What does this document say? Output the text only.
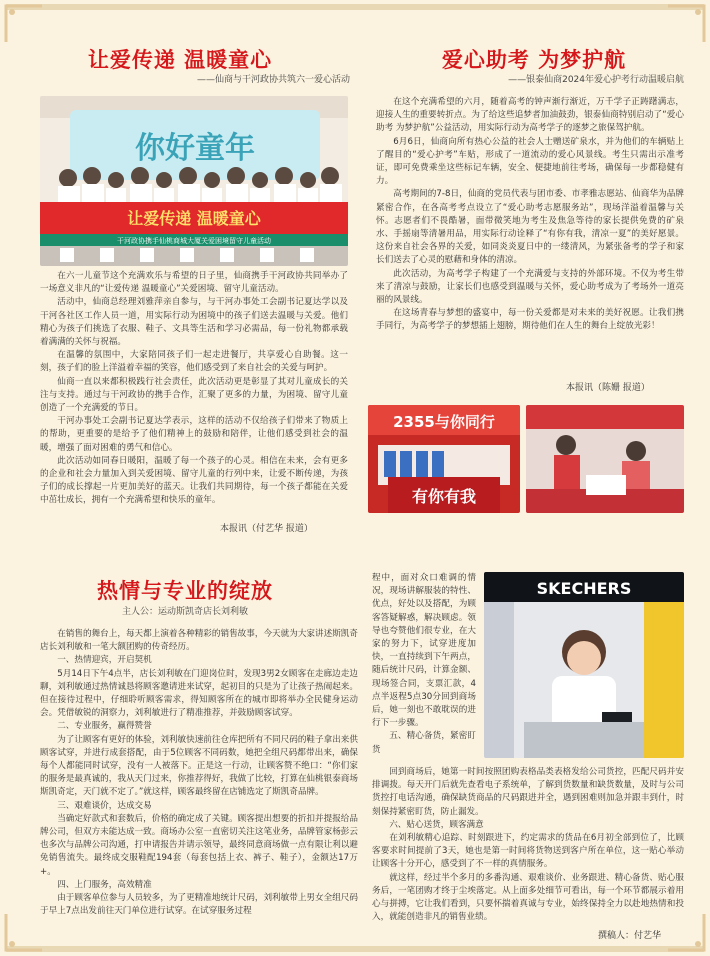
让爱传递 温暖童心
——仙商与干河政协共筑六一爱心活动
你好童年
让爱传递 温暖童心
干河政协携手仙桃商城大厦关爱困境留守儿童活动

在六一儿童节这个充满欢乐与希望的日子里，仙商携手干河政协共同举办了一场意义非凡的“让爱传递 温暖童心”关爱困境、留守儿童活动。

活动中，仙商总经理刘雅萍亲自参与，与干河办事处工会副书记夏达学以及干河各社区工作人员一道，用实际行动为困境中的孩子们送去温暖与关爱。他们精心为孩子们挑选了衣服、鞋子、文具等生活和学习必需品，每一份礼物都承载着满满的关怀与祝福。

在温馨的氛围中，大家陪同孩子们一起走进餐厅，共享爱心自助餐。这一刻，孩子们的脸上洋溢着幸福的笑容，他们感受到了来自社会的关爱与呵护。

仙商一直以来都积极践行社会责任，此次活动更是彰显了其对儿童成长的关注与支持。通过与干河政协的携手合作，汇聚了更多的力量，为困境、留守儿童创造了一个充满爱的节日。

干河办事处工会副书记夏达学表示，这样的活动不仅给孩子们带来了物质上的帮助，更重要的是给予了他们精神上的鼓励和陪伴，让他们感受到社会的温暖，增强了面对困难的勇气和信心。

此次活动如同春日暖阳，温暖了每一个孩子的心灵。相信在未来，会有更多的企业和社会力量加入到关爱困境、留守儿童的行列中来，让爱不断传递，为孩子们的成长撑起一片更加美好的蓝天。让我们共同期待，每一个孩子都能在关爱中茁壮成长，拥有一个充满希望和快乐的童年。

本报讯（付艺华 报道）
爱心助考 为梦护航
——银泰仙商2024年爱心护考行动温暖启航

在这个充满希望的六月，随着高考的钟声渐行渐近，万千学子正踌躇满志，迎接人生的重要转折点。为了给这些追梦者加油鼓劲，银泰仙商特别启动了“爱心助考 为梦护航”公益活动，用实际行动为高考学子的逐梦之旅保驾护航。

6月6日，仙商向所有热心公益的社会人士赠送矿泉水，并为他们的车辆贴上了醒目的“爱心护考”车贴，形成了一道流动的爱心风景线。考生只需出示准考证，即可免费乘坐这些标记车辆，安全、便捷地前往考场，确保每一步都稳健有力。

高考期间的7-8日，仙商的党员代表与团市委、市孝雅志愿站、仙商华为品牌紧密合作，在各高考考点设立了“爱心助考志愿服务站”，现场洋溢着温馨与关怀。志愿者们不畏酷暑，面带微笑地为考生及焦急等待的家长提供免费的矿泉水、手摇扇等清暑用品，用实际行动诠释了“有你有我，清凉一夏”的美好愿景。这份来自社会各界的关爱，如同炎炎夏日中的一缕清风，为紧张备考的学子和家长们送去了心灵的慰藉和身体的清凉。

此次活动，为高考学子构建了一个充满爱与支持的外部环境。不仅为考生带来了清凉与鼓励，让家长们也感受到温暖与关怀，爱心助考成为了考场外一道亮丽的风景线。

在这场青春与梦想的盛宴中，每一份关爱都是对未来的美好祝愿。让我们携手同行，为高考学子的梦想插上翅膀，期待他们在人生的舞台上绽放光彩！

本报讯（陈姗 报道）
2355与你同行
有你有我
热情与专业的绽放
主人公：运动斯凯奇店长刘利敏

在销售的舞台上，每天都上演着各种精彩的销售故事，今天就为大家讲述斯凯奇店长刘利敏和一笔大额团购的传奇经历。

一、热情迎宾，开启契机

5月14日下午4点半，店长刘利敏在门迎岗位时，发现3男2女顾客在走廊边走边聊，刘利敏通过热情诚恳将顾客邀请进来试穿，起初目的只是为了让孩子热闹起来。但在接待过程中，仔细聆听顾客需求，得知顾客所在的城市即将举办全民健身运动会。凭借敏锐的洞察力，刘利敏进行了精准推荐，并鼓励顾客试穿。

二、专业服务，赢得赞誉

为了让顾客有更好的体验，刘利敏快速前往仓库把所有不同尺码的鞋子拿出来供顾客试穿，并进行成套搭配，由于5位顾客不同码数，她把全组尺码都带出来，确保每个人都能同时试穿，没有一人被落下。正是这一行动，让顾客赞不绝口：“你们家的服务是最真诚的，我从天门过来，你推荐得好，我做了比较，打算在仙桃银泰商场斯凯奇定，天门就不定了。”就这样，顾客最终留在店铺选定了斯凯奇品牌。

三、艰难谈价，达成交易

当确定好款式和套数后，价格的确定成了关键。顾客提出想要的折扣并提报给品牌公司，但双方未能达成一致。商场办公室一直密切关注这笔业务，品牌管家杨彭云也多次与品牌公司沟通，打申请报告并请示领导，最终同意商场做一点有限让利以避免销售流失。最终成交服鞋配194套（每套包括上衣、裤子、鞋子），金额达17万+。

四、上门服务，高效精准

由于顾客单位参与人员较多，为了更精准地统计尺码，刘利敏带上男女全组尺码于早上7点出发前往天门单位进行试穿。在试穿服务过程

程中，面对众口难调的情况，现场讲解服装的特性、优点，好处以及搭配，为顾客答疑解惑，解决顾虑。领导也夸赞他们很专业，在大家的努力下，试穿进度加快，一直持续到下午两点，随后统计尺码，计算金额、现场签合同，支票汇款，4点半返程5点30分回到商场后，她一刻也不敢耽误的进行下一步骤。

五、精心备货，紧密盯货

SKECHERS

回到商场后，她第一时间按照团购表格品类表格发给公司货控，匹配尺码并安排调拨。每天开门后就先查看电子系统单，了解到货数量和缺货数量，及时与公司货控打电话沟通，确保缺货商品的尺码跟进并全，遇到困难则加急并跟丰到什，时刻保持紧密盯货，防止漏发。

六、贴心送货，顾客满意

在刘利敏精心追踪、时刻跟进下，约定需求的货品在6月初全部到位了，比顾客要求时间提前了3天，她也是第一时间将货物送到客户所在单位，这一贴心举动让顾客十分开心，感受到了不一样的真情服务。

就这样，经过半个多月的多番沟通、艰难谈价、业务跟进、精心备货、贴心服务后，一笔团购才终于尘埃落定。从上面多处细节可看出，每一个环节都展示着用心与拼搏，它让我们看到，只要怀揣着真诚与专业，始终保持全力以赴地热情和投入，就能创造非凡的销售业绩。

撰稿人：付艺华
